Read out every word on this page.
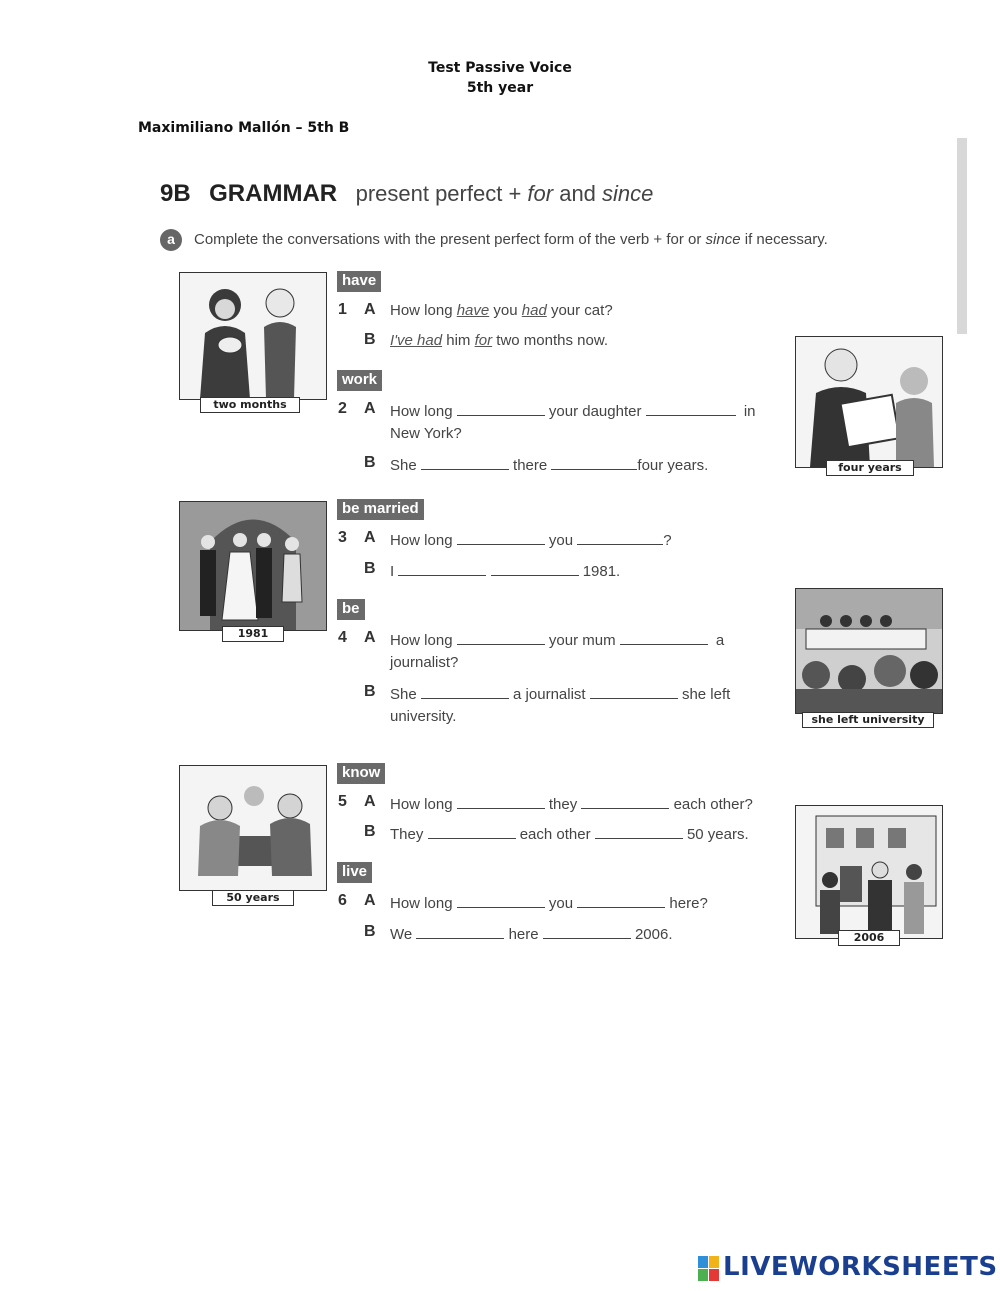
Test Passive Voice
5th year
Maximiliano Mallón – 5th B
9B GRAMMAR present perfect + for and since
a	Complete the conversations with the present perfect form of the verb + for or since if necessary.
two months
four years
1981
she left university
50 years
2006
have
1 A How long have you had your cat?
B I've had him for two months now.
work
2 A How long	your daughter	in
New York?
B She	there	four years.
be married
3 A How long	you	?
B I	1981.
be
4 A How long	your mum	a
journalist?
B She	a journalist	she left
university.
know
5 A How long	they	each other?
B They	each other	50 years.
live
6 A How long	you	here?
B We	here	2006.
LIVEWORKSHEETS
